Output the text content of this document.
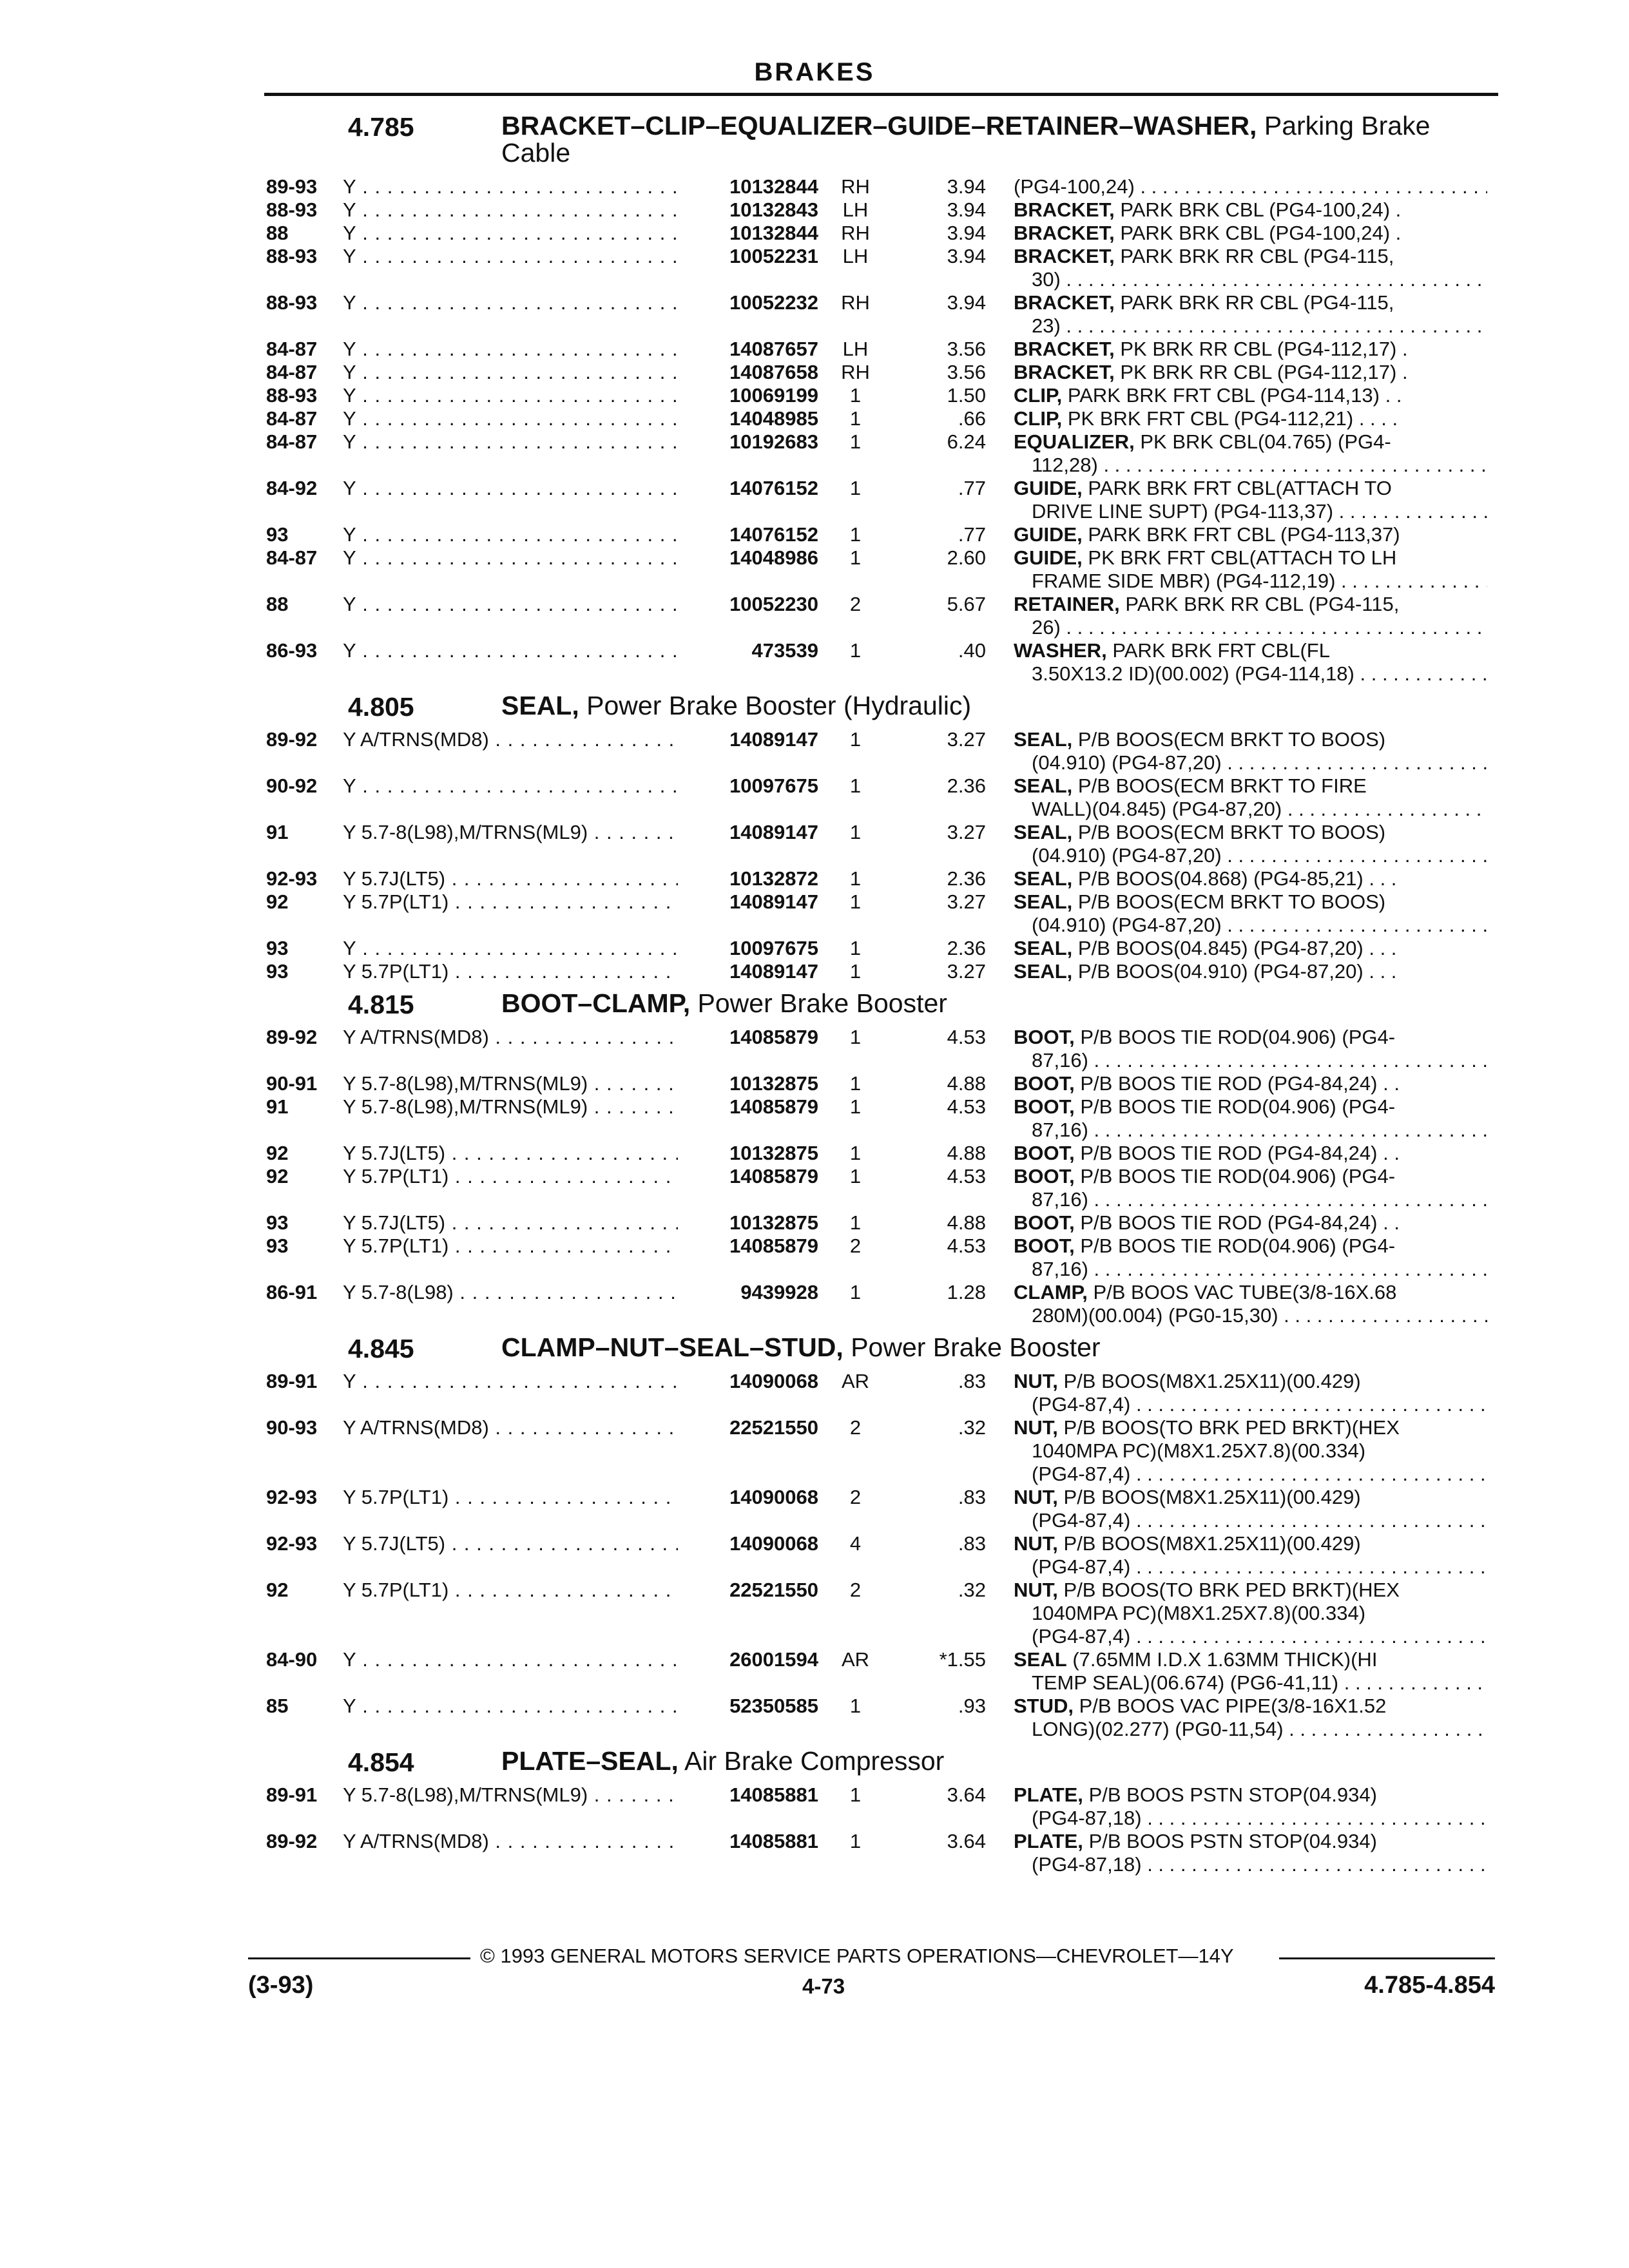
BRAKES
4.785	BRACKET–CLIP–EQUALIZER–GUIDE–RETAINER–WASHER, Parking Brake Cable
89-93 Y . . .	10132844	RH	3.94 (PG4-100,24) . . .
88-93 Y . . .	10132843	LH	3.94 BRACKET, PARK BRK CBL (PG4-100,24) .
88	Y . . .	10132844	RH	3.94 BRACKET, PARK BRK CBL (PG4-100,24) .
88-93 Y . . .	10052231	LH	3.94 BRACKET, PARK BRK RR CBL (PG4-115,
30) . . .
88-93 Y . . .	10052232	RH	3.94 BRACKET, PARK BRK RR CBL (PG4-115,
23) . . .
84-87 Y . . .	14087657	LH	3.56 BRACKET, PK BRK RR CBL (PG4-112,17) .
84-87 Y . . .	14087658	RH	3.56 BRACKET, PK BRK RR CBL (PG4-112,17) .
88-93 Y . . .	10069199	1	1.50 CLIP, PARK BRK FRT CBL (PG4-114,13) . .
84-87 Y . . .	14048985	1	.66 CLIP, PK BRK FRT CBL (PG4-112,21) . . . .
84-87 Y . . .	10192683	1	6.24 EQUALIZER, PK BRK CBL(04.765) (PG4-
112,28) . . .
84-92 Y . . .	14076152	1	.77 GUIDE, PARK BRK FRT CBL(ATTACH TO
DRIVE LINE SUPT) (PG4-113,37) . . . . . . . . . .
93	Y . . .	14076152	1	.77 GUIDE, PARK BRK FRT CBL (PG4-113,37)
84-87 Y . . .	14048986	1	2.60 GUIDE, PK BRK FRT CBL(ATTACH TO LH
FRAME SIDE MBR) (PG4-112,19) . . . . . . . . . .
88	Y . . .	10052230	2	5.67 RETAINER, PARK BRK RR CBL (PG4-115,
26) . . .
86-93 Y . . .	473539	1	.40 WASHER, PARK BRK FRT CBL(FL
3.50X13.2 ID)(00.002) (PG4-114,18) . . . . . .
4.805	SEAL, Power Brake Booster (Hydraulic)
89-92 Y A/TRNS(MD8) . . .	14089147	1	3.27 SEAL, P/B BOOS(ECM BRKT TO BOOS)
(04.910) (PG4-87,20) . . .
90-92 Y . . .	10097675	1	2.36 SEAL, P/B BOOS(ECM BRKT TO FIRE
WALL)(04.845) (PG4-87,20) . . .
91	Y 5.7-8(L98),M/TRNS(ML9) . . .	14089147	1	3.27 SEAL, P/B BOOS(ECM BRKT TO BOOS)
(04.910) (PG4-87,20) . . .
92-93 Y 5.7J(LT5) . . .	10132872	1	2.36 SEAL, P/B BOOS(04.868) (PG4-85,21) . . .
92	Y 5.7P(LT1) . . .	14089147	1	3.27 SEAL, P/B BOOS(ECM BRKT TO BOOS)
(04.910) (PG4-87,20) . . .
93	Y . . .	10097675	1	2.36 SEAL, P/B BOOS(04.845) (PG4-87,20) . . .
93	Y 5.7P(LT1) . . .	14089147	1	3.27 SEAL, P/B BOOS(04.910) (PG4-87,20) . . .
4.815	BOOT–CLAMP, Power Brake Booster
89-92 Y A/TRNS(MD8) . . .	14085879	1	4.53 BOOT, P/B BOOS TIE ROD(04.906) (PG4-
87,16) . . .
90-91 Y 5.7-8(L98),M/TRNS(ML9) . . .	10132875	1	4.88 BOOT, P/B BOOS TIE ROD (PG4-84,24) . .
91	Y 5.7-8(L98),M/TRNS(ML9) . . .	14085879	1	4.53 BOOT, P/B BOOS TIE ROD(04.906) (PG4-
87,16) . . .
92	Y 5.7J(LT5) . . .	10132875	1	4.88 BOOT, P/B BOOS TIE ROD (PG4-84,24) . .
92	Y 5.7P(LT1) . . .	14085879	1	4.53 BOOT, P/B BOOS TIE ROD(04.906) (PG4-
87,16) . . .
93	Y 5.7J(LT5) . . .	10132875	1	4.88 BOOT, P/B BOOS TIE ROD (PG4-84,24) . .
93	Y 5.7P(LT1) . . .	14085879	2	4.53 BOOT, P/B BOOS TIE ROD(04.906) (PG4-
87,16) . . .
86-91 Y 5.7-8(L98) . . .	9439928	1	1.28 CLAMP, P/B BOOS VAC TUBE(3/8-16X.68
280M)(00.004) (PG0-15,30) . . . . . . . . . . . . . .
4.845	CLAMP–NUT–SEAL–STUD, Power Brake Booster
89-91 Y . . .	14090068	AR	.83 NUT, P/B BOOS(M8X1.25X11)(00.429)
(PG4-87,4) . . .
90-93 Y A/TRNS(MD8) . . .	22521550	2	.32 NUT, P/B BOOS(TO BRK PED BRKT)(HEX
1040MPA PC)(M8X1.25X7.8)(00.334)
(PG4-87,4) . . .
92-93 Y 5.7P(LT1) . . .	14090068	2	.83 NUT, P/B BOOS(M8X1.25X11)(00.429)
(PG4-87,4) . . .
92-93 Y 5.7J(LT5) . . .	14090068	4	.83 NUT, P/B BOOS(M8X1.25X11)(00.429)
(PG4-87,4) . . .
92	Y 5.7P(LT1) . . .	22521550	2	.32 NUT, P/B BOOS(TO BRK PED BRKT)(HEX
1040MPA PC)(M8X1.25X7.8)(00.334)
(PG4-87,4) . . .
84-90 Y . . .	26001594	AR	*1.55 SEAL (7.65MM I.D.X 1.63MM THICK)(HI
TEMP SEAL)(06.674) (PG6-41,11) . . . . . . . . .
85	Y . . .	52350585	1	.93 STUD, P/B BOOS VAC PIPE(3/8-16X1.52
LONG)(02.277) (PG0-11,54) . . . . . . . . . . . . . .
4.854	PLATE–SEAL, Air Brake Compressor
89-91 Y 5.7-8(L98),M/TRNS(ML9) . . .	14085881	1	3.64 PLATE, P/B BOOS PSTN STOP(04.934)
(PG4-87,18) . . .
89-92 Y A/TRNS(MD8) . . .	14085881	1	3.64 PLATE, P/B BOOS PSTN STOP(04.934)
(PG4-87,18) . . .
© 1993 GENERAL MOTORS SERVICE PARTS OPERATIONS—CHEVROLET—14Y
(3-93)	4-73	4.785-4.854
